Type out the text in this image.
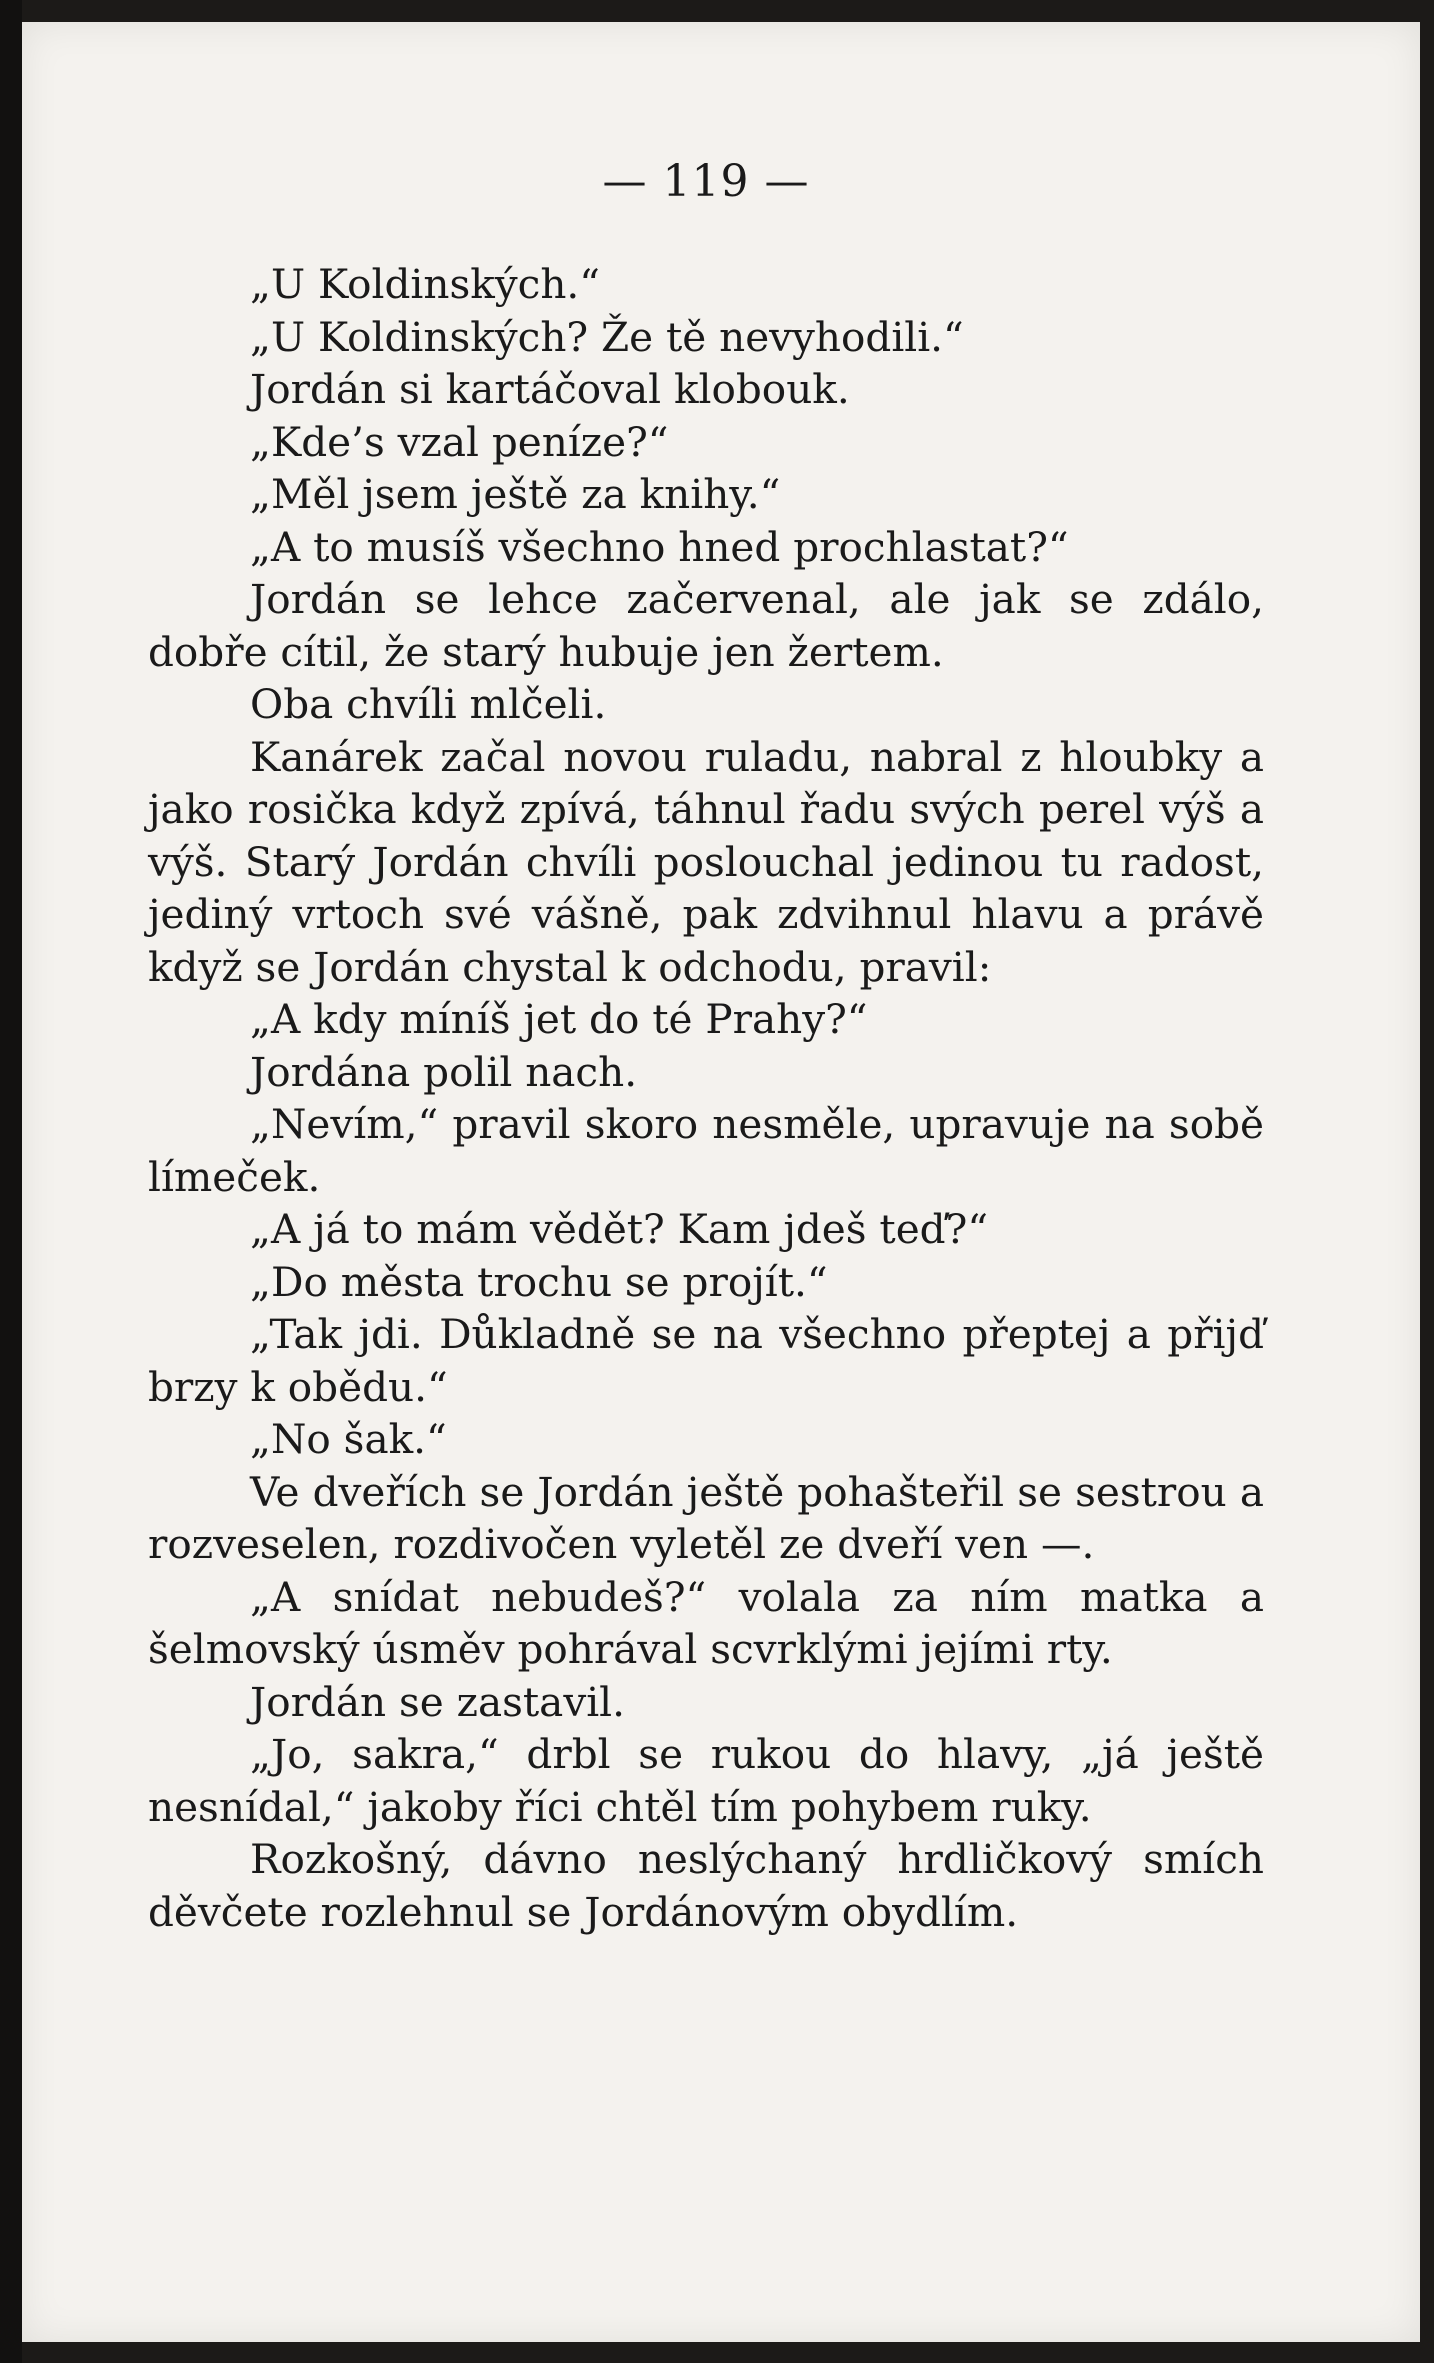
— 119 —

„U Koldinských.“

„U Koldinských? Že tě nevyhodili.“

Jordán si kartáčoval klobouk.

„Kde’s vzal peníze?“

„Měl jsem ještě za knihy.“

„A to musíš všechno hned prochlastat?“

Jordán se lehce začervenal, ale jak se zdálo, dobře cítil, že starý hubuje jen žertem.

Oba chvíli mlčeli.

Kanárek začal novou ruladu, nabral z hloubky a jako rosička když zpívá, táhnul řadu svých perel výš a výš. Starý Jordán chvíli poslouchal jedinou tu radost, jediný vrtoch své vášně, pak zdvihnul hlavu a právě když se Jordán chystal k odchodu, pravil:

„A kdy míníš jet do té Prahy?“

Jordána polil nach.

„Nevím,“ pravil skoro nesměle, upravuje na sobě límeček.

„A já to mám vědět? Kam jdeš teď?“

„Do města trochu se projít.“

„Tak jdi. Důkladně se na všechno přeptej a přijď brzy k obědu.“

„No šak.“

Ve dveřích se Jordán ještě pohašteřil se sestrou a rozveselen, rozdivočen vyletěl ze dveří ven —.

„A snídat nebudeš?“ volala za ním matka a šelmovský úsměv pohrával scvrklými jejími rty.

Jordán se zastavil.

„Jo, sakra,“ drbl se rukou do hlavy, „já ještě nesnídal,“ jakoby říci chtěl tím pohybem ruky.

Rozkošný, dávno neslýchaný hrdličkový smích děvčete rozlehnul se Jordánovým obydlím.
